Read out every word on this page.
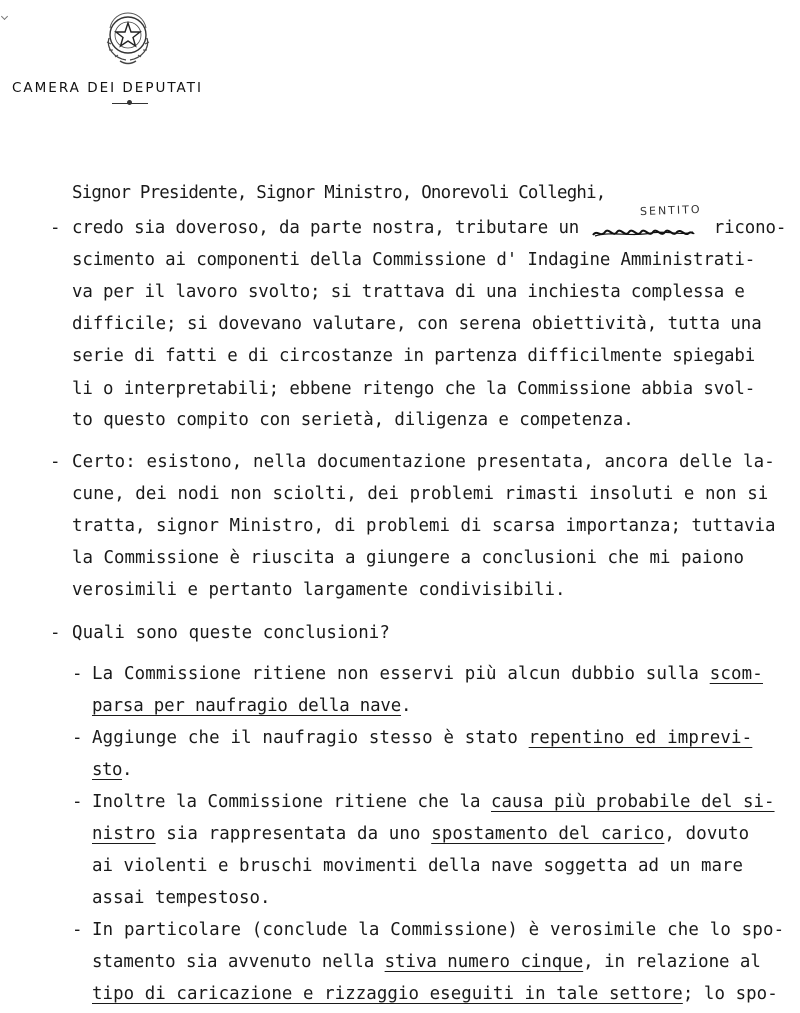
CAMERA DEI DEPUTATI
SENTITO
-
-
-
-
-
-
-
Signor Presidente, Signor Ministro, Onorevoli Colleghi,
credo sia doveroso, da parte nostra, tributare un	ricono-
scimento ai componenti della Commissione d' Indagine Amministrati-
va per il lavoro svolto; si trattava di una inchiesta complessa e
difficile; si dovevano valutare, con serena obiettività, tutta una
serie di fatti e di circostanze in partenza difficilmente spiegabi
li o interpretabili; ebbene ritengo che la Commissione abbia svol-
to questo compito con serietà, diligenza e competenza.
Certo: esistono, nella documentazione presentata, ancora delle la-
cune, dei nodi non sciolti, dei problemi rimasti insoluti e non si
tratta, signor Ministro, di problemi di scarsa importanza; tuttavia
la Commissione è riuscita a giungere a conclusioni che mi paiono
verosimili e pertanto largamente condivisibili.
Quali sono queste conclusioni?
La Commissione ritiene non esservi più alcun dubbio sulla scom-
parsa per naufragio della nave.
Aggiunge che il naufragio stesso è stato repentino ed imprevi-
sto.
Inoltre la Commissione ritiene che la causa più probabile del si-
nistro sia rappresentata da uno spostamento del carico, dovuto
ai violenti e bruschi movimenti della nave soggetta ad un mare
assai tempestoso.
In particolare (conclude la Commissione) è verosimile che lo spo-
stamento sia avvenuto nella stiva numero cinque, in relazione al
tipo di caricazione e rizzaggio eseguiti in tale settore; lo spo-
